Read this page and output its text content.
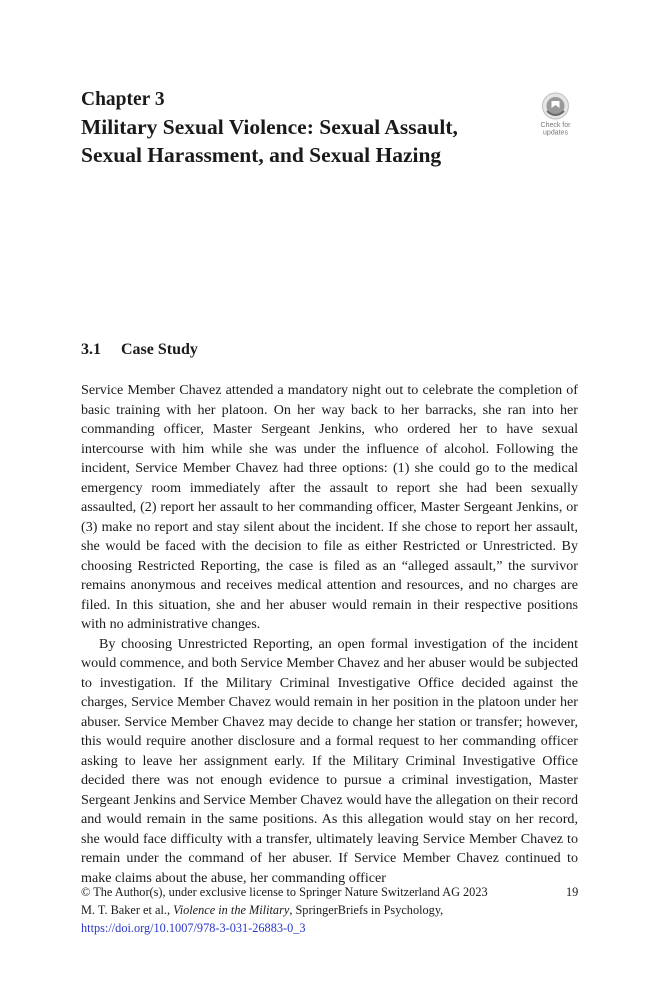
Chapter 3
Military Sexual Violence: Sexual Assault, Sexual Harassment, and Sexual Hazing
Check for
updates
3.1 Case Study

Service Member Chavez attended a mandatory night out to celebrate the completion of basic training with her platoon. On her way back to her barracks, she ran into her commanding officer, Master Sergeant Jenkins, who ordered her to have sexual intercourse with him while she was under the influence of alcohol. Following the incident, Service Member Chavez had three options: (1) she could go to the medical emergency room immediately after the assault to report she had been sexually assaulted, (2) report her assault to her commanding officer, Master Sergeant Jenkins, or (3) make no report and stay silent about the incident. If she chose to report her assault, she would be faced with the decision to file as either Restricted or Unrestricted. By choosing Restricted Reporting, the case is filed as an “alleged assault,” the survivor remains anonymous and receives medical attention and resources, and no charges are filed. In this situation, she and her abuser would remain in their respective positions with no administrative changes.

By choosing Unrestricted Reporting, an open formal investigation of the incident would commence, and both Service Member Chavez and her abuser would be subjected to investigation. If the Military Criminal Investigative Office decided against the charges, Service Member Chavez would remain in her position in the platoon under her abuser. Service Member Chavez may decide to change her station or transfer; however, this would require another disclosure and a formal request to her commanding officer asking to leave her assignment early. If the Military Criminal Investigative Office decided there was not enough evidence to pursue a criminal investigation, Master Sergeant Jenkins and Service Member Chavez would have the allegation on their record and would remain in the same positions. As this allegation would stay on her record, she would face difficulty with a transfer, ultimately leaving Service Member Chavez to remain under the command of her abuser. If Service Member Chavez continued to make claims about the abuse, her commanding officer

© The Author(s), under exclusive license to Springer Nature Switzerland AG 2023
M. T. Baker et al., Violence in the Military, SpringerBriefs in Psychology,
https://doi.org/10.1007/978-3-031-26883-0_3
19
